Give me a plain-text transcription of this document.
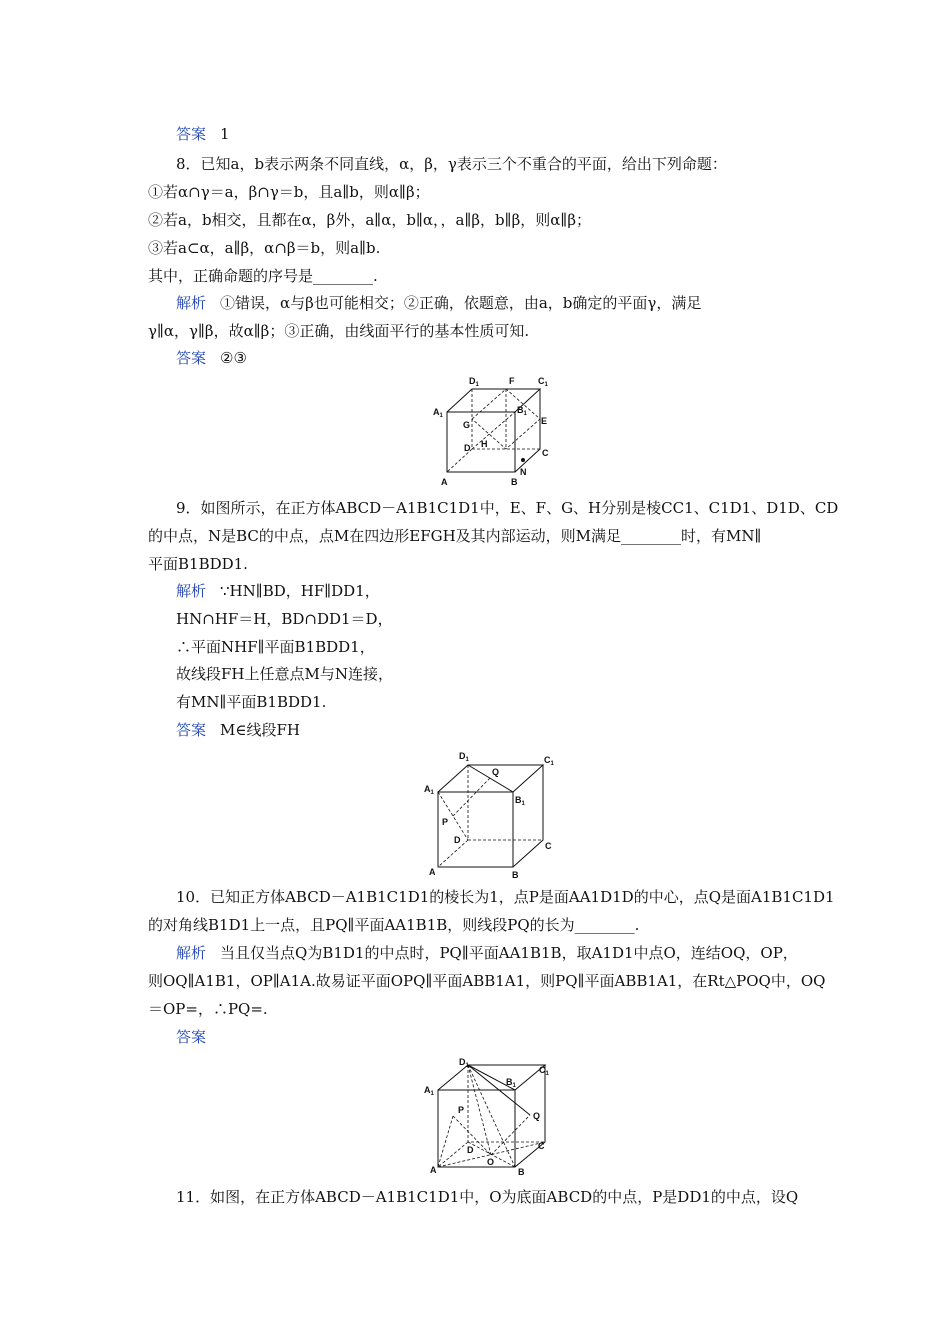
答案 1
8．已知a，b表示两条不同直线，α，β，γ表示三个不重合的平面，给出下列命题：
①若α∩γ＝a，β∩γ＝b，且a∥b，则α∥β；
②若a，b相交，且都在α，β外，a∥α，b∥α，，a∥β，b∥β，则α∥β；
③若a⊂α，a∥β，α∩β＝b，则a∥b.
其中，正确命题的序号是________.
解析 ①错误，α与β也可能相交；②正确，依题意，由a，b确定的平面γ，满足
γ∥α，γ∥β，故α∥β；③正确，由线面平行的基本性质可知.
答案 ②③
$D_1$	F	$C_1$
$A_1$
G
$B_1$
E
D H
C
A	B
N
9．如图所示，在正方体ABCD－A1B1C1D1中，E、F、G、H分别是棱CC1、C1D1、D1D、CD
的中点，N是BC的中点，点M在四边形EFGH及其内部运动，则M满足________时，有MN∥
平面B1BDD1.
解析 ∵HN∥BD，HF∥DD1，
HN∩HF＝H，BD∩DD1＝D，
∴平面NHF∥平面B1BDD1，
故线段FH上任意点M与N连接，
有MN∥平面B1BDD1.
答案 M∈线段FH
$D_1$
Q
$C_1$
$A_1$
$B_1$
P
D
C
A	B
10．已知正方体ABCD－A1B1C1D1的棱长为1，点P是面AA1D1D的中心，点Q是面A1B1C1D1
的对角线B1D1上一点，且PQ∥平面AA1B1B，则线段PQ的长为________.
解析 当且仅当点Q为B1D1的中点时，PQ∥平面AA1B1B，取A1D1中点O，连结OQ，OP，
则OQ∥A1B1，OP∥A1A.故易证平面OPQ∥平面ABB1A1，则PQ∥平面ABB1A1，在Rt△POQ中，OQ
＝OP=，∴PQ=.
答案
$D_1$	$C_1$
$B_1$
$A_1$
P
Q
D
O
C
A	B
11．如图，在正方体ABCD－A1B1C1D1中，O为底面ABCD的中点，P是DD1的中点，设Q
